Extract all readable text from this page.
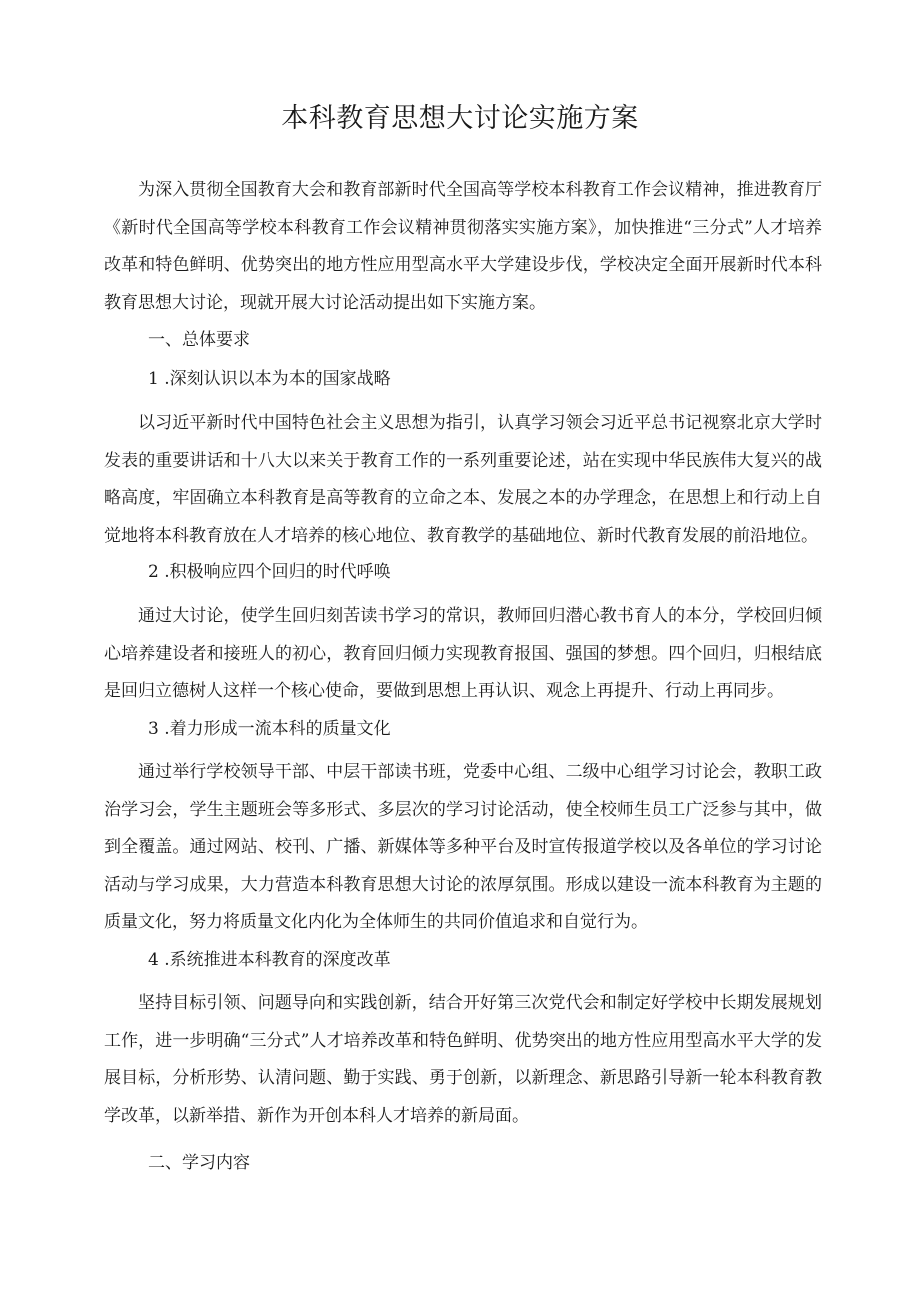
本科教育思想大讨论实施方案

为深入贯彻全国教育大会和教育部新时代全国高等学校本科教育工作会议精神，推进教育厅《新时代全国高等学校本科教育工作会议精神贯彻落实实施方案》，加快推进“三分式”人才培养改革和特色鲜明、优势突出的地方性应用型高水平大学建设步伐，学校决定全面开展新时代本科教育思想大讨论，现就开展大讨论活动提出如下实施方案。

一、总体要求
1 .深刻认识以本为本的国家战略

以习近平新时代中国特色社会主义思想为指引，认真学习领会习近平总书记视察北京大学时发表的重要讲话和十八大以来关于教育工作的一系列重要论述，站在实现中华民族伟大复兴的战略高度，牢固确立本科教育是高等教育的立命之本、发展之本的办学理念，在思想上和行动上自觉地将本科教育放在人才培养的核心地位、教育教学的基础地位、新时代教育发展的前沿地位。

2 .积极响应四个回归的时代呼唤

通过大讨论，使学生回归刻苦读书学习的常识，教师回归潜心教书育人的本分，学校回归倾心培养建设者和接班人的初心，教育回归倾力实现教育报国、强国的梦想。四个回归，归根结底是回归立德树人这样一个核心使命，要做到思想上再认识、观念上再提升、行动上再同步。

3 .着力形成一流本科的质量文化

通过举行学校领导干部、中层干部读书班，党委中心组、二级中心组学习讨论会，教职工政治学习会，学生主题班会等多形式、多层次的学习讨论活动，使全校师生员工广泛参与其中，做到全覆盖。通过网站、校刊、广播、新媒体等多种平台及时宣传报道学校以及各单位的学习讨论活动与学习成果，大力营造本科教育思想大讨论的浓厚氛围。形成以建设一流本科教育为主题的质量文化，努力将质量文化内化为全体师生的共同价值追求和自觉行为。

4 .系统推进本科教育的深度改革

坚持目标引领、问题导向和实践创新，结合开好第三次党代会和制定好学校中长期发展规划工作，进一步明确“三分式”人才培养改革和特色鲜明、优势突出的地方性应用型高水平大学的发展目标，分析形势、认清问题、勤于实践、勇于创新，以新理念、新思路引导新一轮本科教育教学改革，以新举措、新作为开创本科人才培养的新局面。

二、学习内容
